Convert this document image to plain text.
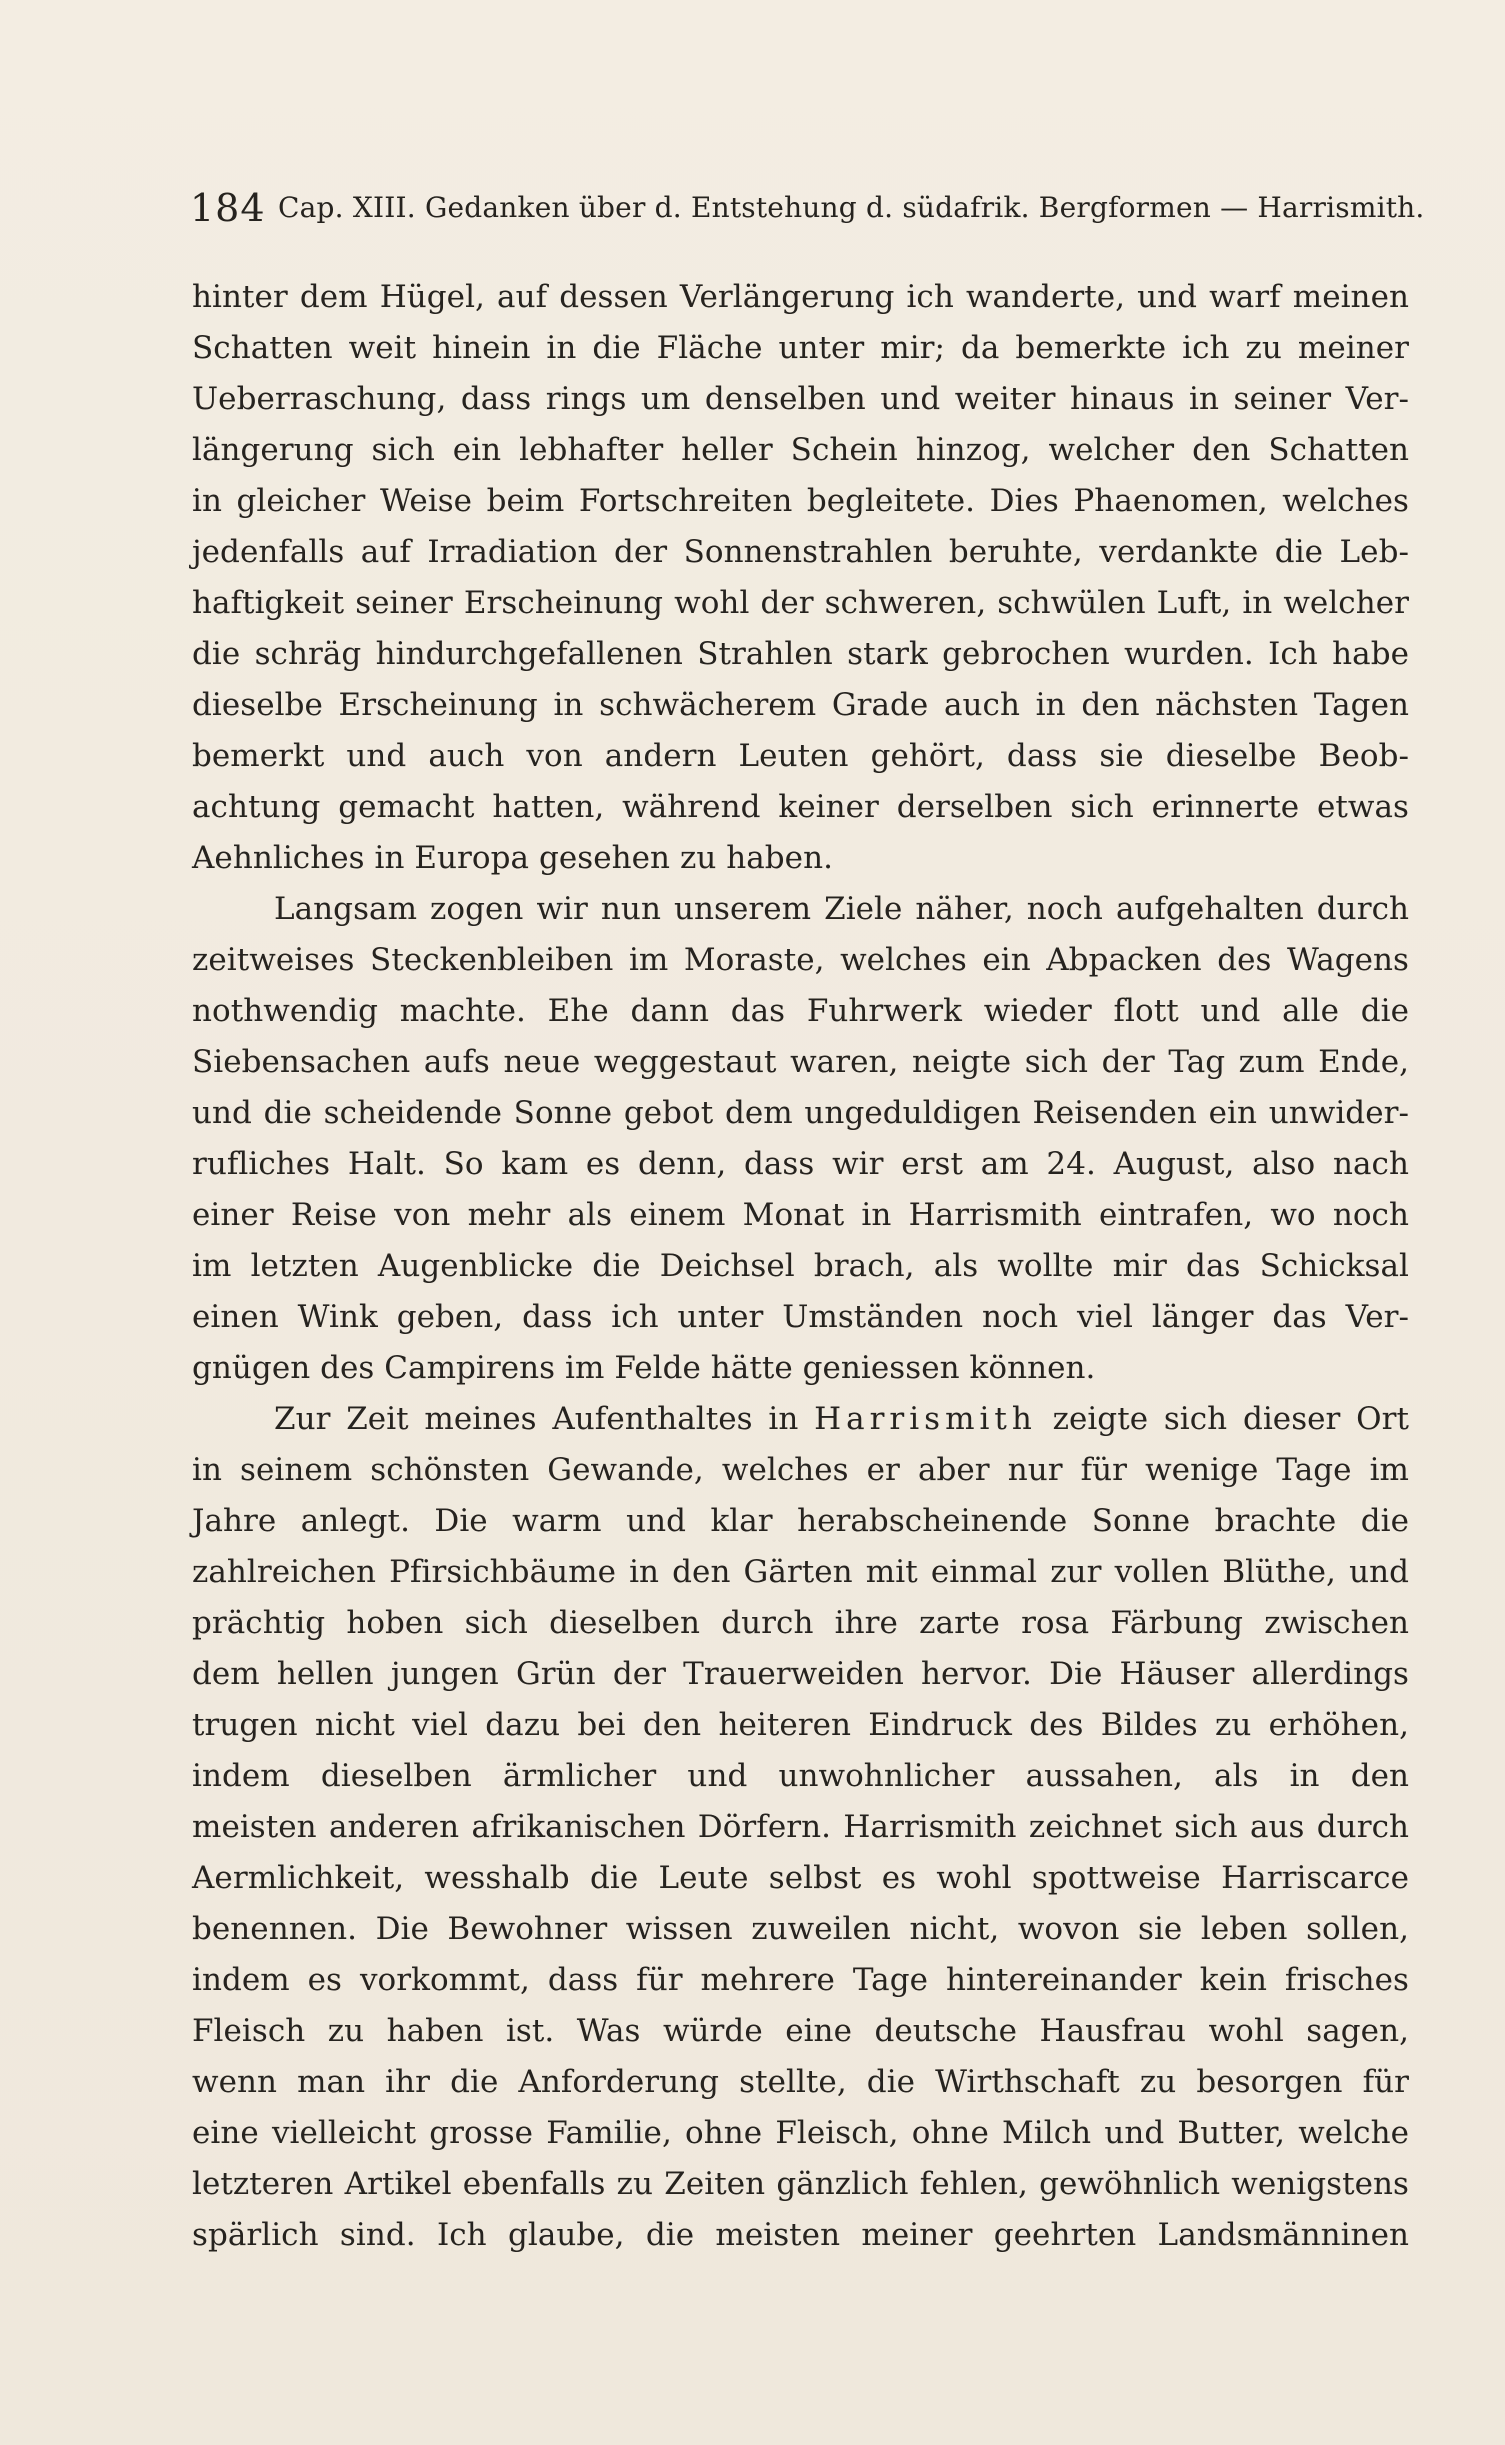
184 Cap. XIII. Gedanken über d. Entstehung d. südafrik. Bergformen — Harrismith.
hinter dem Hügel, auf dessen Verlängerung ich wanderte, und warf meinen
Schatten weit hinein in die Fläche unter mir; da bemerkte ich zu meiner
Ueberraschung, dass rings um denselben und weiter hinaus in seiner Ver-
längerung sich ein lebhafter heller Schein hinzog, welcher den Schatten
in gleicher Weise beim Fortschreiten begleitete. Dies Phaenomen, welches
jedenfalls auf Irradiation der Sonnenstrahlen beruhte, verdankte die Leb-
haftigkeit seiner Erscheinung wohl der schweren, schwülen Luft, in welcher
die schräg hindurchgefallenen Strahlen stark gebrochen wurden. Ich habe
dieselbe Erscheinung in schwächerem Grade auch in den nächsten Tagen
bemerkt und auch von andern Leuten gehört, dass sie dieselbe Beob-
achtung gemacht hatten, während keiner derselben sich erinnerte etwas
Aehnliches in Europa gesehen zu haben.
Langsam zogen wir nun unserem Ziele näher, noch aufgehalten durch
zeitweises Steckenbleiben im Moraste, welches ein Abpacken des Wagens
nothwendig machte. Ehe dann das Fuhrwerk wieder flott und alle die
Siebensachen aufs neue weggestaut waren, neigte sich der Tag zum Ende,
und die scheidende Sonne gebot dem ungeduldigen Reisenden ein unwider-
rufliches Halt. So kam es denn, dass wir erst am 24. August, also nach
einer Reise von mehr als einem Monat in Harrismith eintrafen, wo noch
im letzten Augenblicke die Deichsel brach, als wollte mir das Schicksal
einen Wink geben, dass ich unter Umständen noch viel länger das Ver-
gnügen des Campirens im Felde hätte geniessen können.
Zur Zeit meines Aufenthaltes in Harrismith zeigte sich dieser Ort
in seinem schönsten Gewande, welches er aber nur für wenige Tage im
Jahre anlegt. Die warm und klar herabscheinende Sonne brachte die
zahlreichen Pfirsichbäume in den Gärten mit einmal zur vollen Blüthe, und
prächtig hoben sich dieselben durch ihre zarte rosa Färbung zwischen
dem hellen jungen Grün der Trauerweiden hervor. Die Häuser allerdings
trugen nicht viel dazu bei den heiteren Eindruck des Bildes zu erhöhen,
indem dieselben ärmlicher und unwohnlicher aussahen, als in den
meisten anderen afrikanischen Dörfern. Harrismith zeichnet sich aus durch
Aermlichkeit, wesshalb die Leute selbst es wohl spottweise Harriscarce
benennen. Die Bewohner wissen zuweilen nicht, wovon sie leben sollen,
indem es vorkommt, dass für mehrere Tage hintereinander kein frisches
Fleisch zu haben ist. Was würde eine deutsche Hausfrau wohl sagen,
wenn man ihr die Anforderung stellte, die Wirthschaft zu besorgen für
eine vielleicht grosse Familie, ohne Fleisch, ohne Milch und Butter, welche
letzteren Artikel ebenfalls zu Zeiten gänzlich fehlen, gewöhnlich wenigstens
spärlich sind. Ich glaube, die meisten meiner geehrten Landsmänninen
